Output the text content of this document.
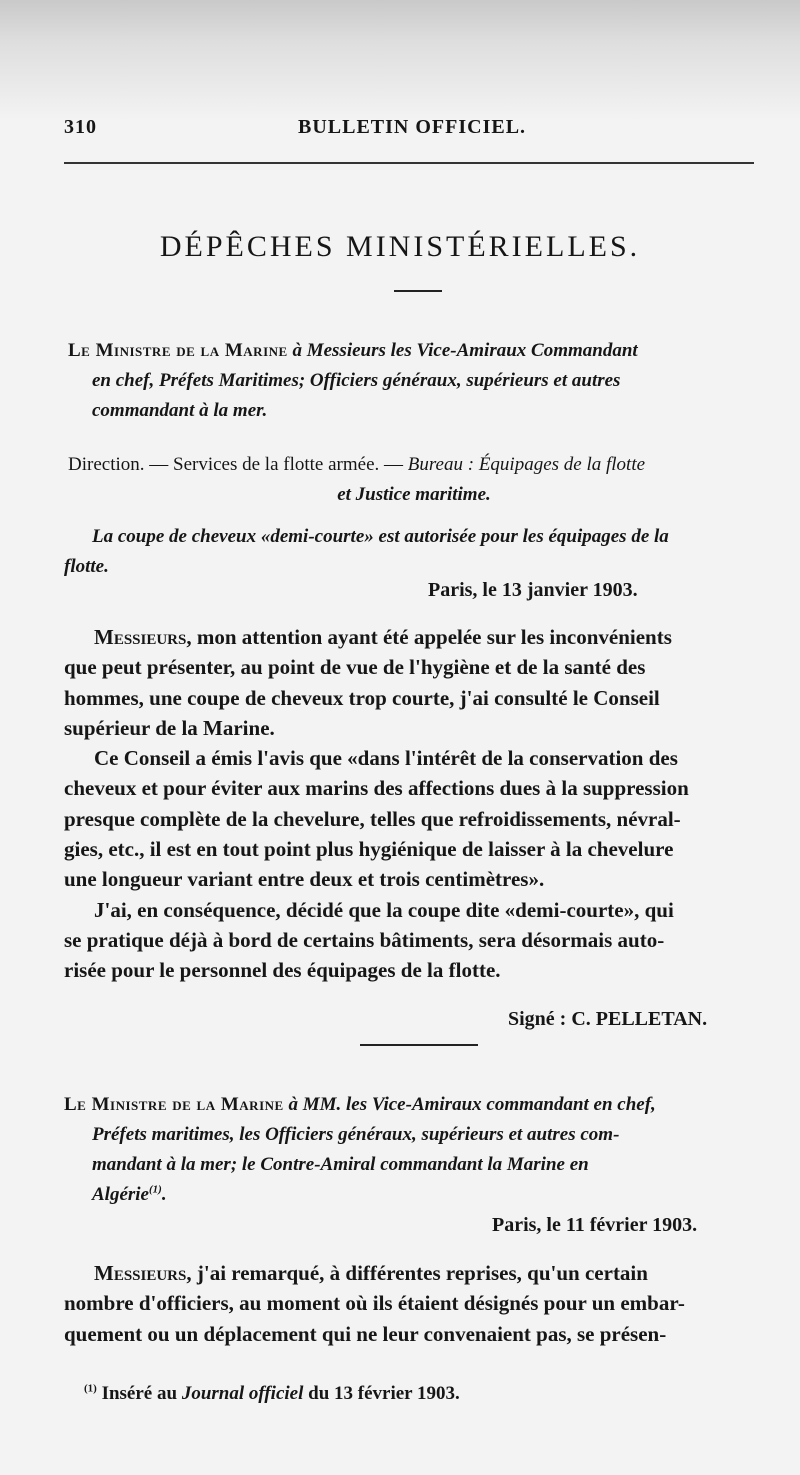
310	BULLETIN OFFICIEL.
DÉPÊCHES MINISTÉRIELLES.
Le Ministre de la Marine à Messieurs les Vice-Amiraux Commandant
en chef, Préfets Maritimes; Officiers généraux, supérieurs et autres
commandant à la mer.
Direction. — Services de la flotte armée. — Bureau : Équipages de la flotte
et Justice maritime.
La coupe de cheveux «demi-courte» est autorisée pour les équipages de la
flotte.
Paris, le 13 janvier 1903.
Messieurs, mon attention ayant été appelée sur les inconvénients
que peut présenter, au point de vue de l'hygiène et de la santé des
hommes, une coupe de cheveux trop courte, j'ai consulté le Conseil
supérieur de la Marine.
Ce Conseil a émis l'avis que «dans l'intérêt de la conservation des
cheveux et pour éviter aux marins des affections dues à la suppression
presque complète de la chevelure, telles que refroidissements, névral-
gies, etc., il est en tout point plus hygiénique de laisser à la chevelure
une longueur variant entre deux et trois centimètres».
J'ai, en conséquence, décidé que la coupe dite «demi-courte», qui
se pratique déjà à bord de certains bâtiments, sera désormais auto-
risée pour le personnel des équipages de la flotte.
Signé : C. PELLETAN.
Le Ministre de la Marine à MM. les Vice-Amiraux commandant en chef,
Préfets maritimes, les Officiers généraux, supérieurs et autres com-
mandant à la mer; le Contre-Amiral commandant la Marine en
Algérie$^{(1)}$.
Paris, le 11 février 1903.
Messieurs, j'ai remarqué, à différentes reprises, qu'un certain
nombre d'officiers, au moment où ils étaient désignés pour un embar-
quement ou un déplacement qui ne leur convenaient pas, se présen-
$^{(1)}$ Inséré au Journal officiel du 13 février 1903.
